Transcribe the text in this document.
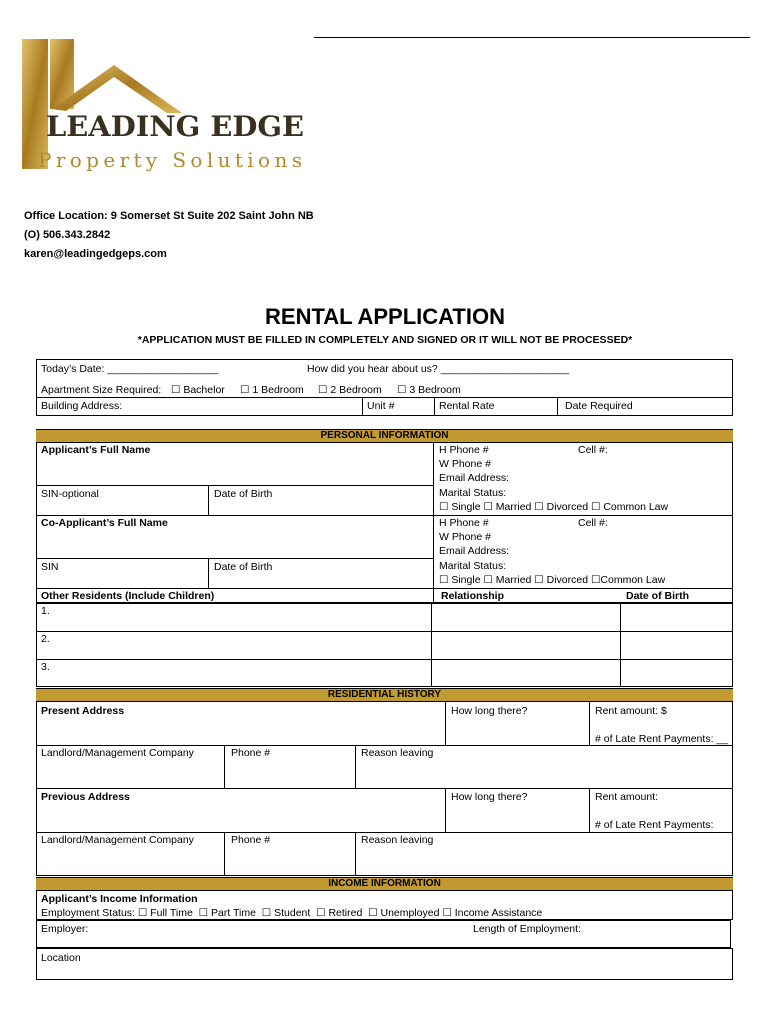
LEADING EDGE
Property Solutions
Office Location: 9 Somerset St Suite 202 Saint John NB
(O) 506.343.2842
karen@leadingedgeps.com
RENTAL APPLICATION
*APPLICATION MUST BE FILLED IN COMPLETELY AND SIGNED OR IT WILL NOT BE PROCESSED*
Today’s Date: ___________________	How did you hear about us? ______________________
Apartment Size Required: ☐ Bachelor ☐ 1 Bedroom ☐ 2 Bedroom ☐ 3 Bedroom
Building Address:	Unit #	Rental Rate	Date Required
PERSONAL INFORMATION
Applicant’s Full Name	H Phone #	Cell #:
W Phone #
Email Address:
SIN-optional	Date of Birth	Marital Status:
☐ Single ☐ Married ☐ Divorced ☐ Common Law
Co-Applicant’s Full Name	H Phone #	Cell #:
W Phone #
Email Address:
SIN	Date of Birth	Marital Status:
☐ Single ☐ Married ☐ Divorced ☐Common Law
Other Residents (Include Children)	Relationship	Date of Birth
1.
2.
3.
RESIDENTIAL HISTORY
Present Address	How long there?	Rent amount: $
# of Late Rent Payments: __
Landlord/Management Company	Phone #	Reason leaving
Previous Address	How long there?	Rent amount:
# of Late Rent Payments:
Landlord/Management Company	Phone #	Reason leaving
INCOME INFORMATION
Applicant’s Income Information
Employment Status: ☐ Full Time  ☐ Part Time  ☐ Student  ☐ Retired  ☐ Unemployed ☐ Income Assistance
Employer:	Length of Employment:
Location
